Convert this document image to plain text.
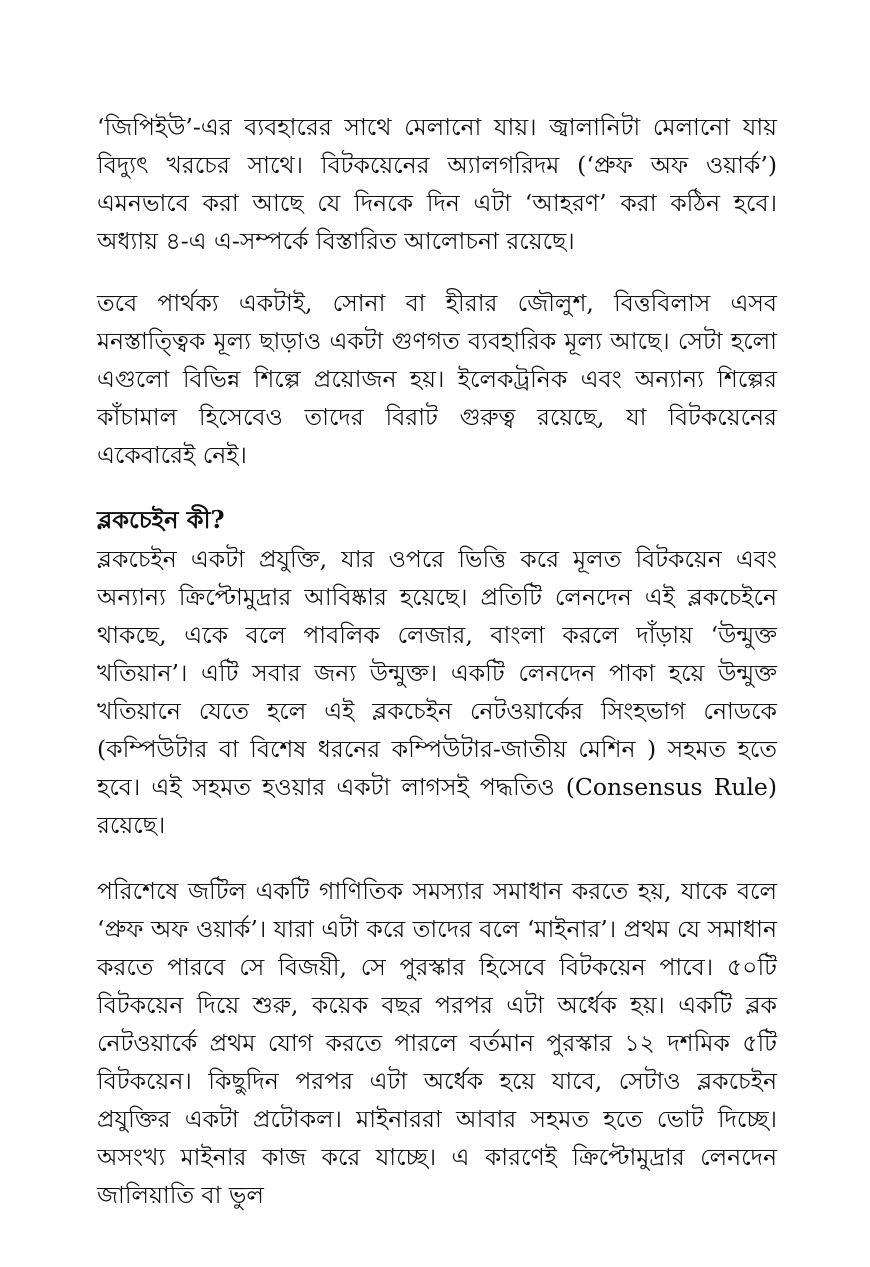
‘জিপিইউ’-এর ব্যবহারের সাথে মেলানো যায়। জ্বালানিটা মেলানো যায় বিদ্যুৎ খরচের সাথে। বিটকয়েনের অ্যালগরিদম (‘প্রুফ অফ ওয়ার্ক’) এমনভাবে করা আছে যে দিনকে দিন এটা ‘আহরণ’ করা কঠিন হবে। অধ্যায় ৪-এ এ-সম্পর্কে বিস্তারিত আলোচনা রয়েছে।

তবে পার্থক্য একটাই, সোনা বা হীরার জৌলুশ, বিত্তবিলাস এসব মনস্তাত্ত্বিক মূল্য ছাড়াও একটা গুণগত ব্যবহারিক মূল্য আছে। সেটা হলো এগুলো বিভিন্ন শিল্পে প্রয়োজন হয়। ইলেকট্রনিক এবং অন্যান্য শিল্পের কাঁচামাল হিসেবেও তাদের বিরাট গুরুত্ব রয়েছে, যা বিটকয়েনের একেবারেই নেই।

ব্লকচেইন কী?

ব্লকচেইন একটা প্রযুক্তি, যার ওপরে ভিত্তি করে মূলত বিটকয়েন এবং অন্যান্য ক্রিপ্টোমুদ্রার আবিষ্কার হয়েছে। প্রতিটি লেনদেন এই ব্লকচেইনে থাকছে, একে বলে পাবলিক লেজার, বাংলা করলে দাঁড়ায় ‘উন্মুক্ত খতিয়ান’। এটি সবার জন্য উন্মুক্ত। একটি লেনদেন পাকা হয়ে উন্মুক্ত খতিয়ানে যেতে হলে এই ব্লকচেইন নেটওয়ার্কের সিংহভাগ নোডকে (কম্পিউটার বা বিশেষ ধরনের কম্পিউটার-জাতীয় মেশিন ) সহমত হতে হবে। এই সহমত হওয়ার একটা লাগসই পদ্ধতিও (Consensus Rule) রয়েছে।

পরিশেষে জটিল একটি গাণিতিক সমস্যার সমাধান করতে হয়, যাকে বলে ‘প্রুফ অফ ওয়ার্ক’। যারা এটা করে তাদের বলে ‘মাইনার’। প্রথম যে সমাধান করতে পারবে সে বিজয়ী, সে পুরস্কার হিসেবে বিটকয়েন পাবে। ৫০টি বিটকয়েন দিয়ে শুরু, কয়েক বছর পরপর এটা অর্ধেক হয়। একটি ব্লক নেটওয়ার্কে প্রথম যোগ করতে পারলে বর্তমান পুরস্কার ১২ দশমিক ৫টি বিটকয়েন। কিছুদিন পরপর এটা অর্ধেক হয়ে যাবে, সেটাও ব্লকচেইন প্রযুক্তির একটা প্রটোকল। মাইনাররা আবার সহমত হতে ভোট দিচ্ছে। অসংখ্য মাইনার কাজ করে যাচ্ছে। এ কারণেই ক্রিপ্টোমুদ্রার লেনদেন জালিয়াতি বা ভুল
